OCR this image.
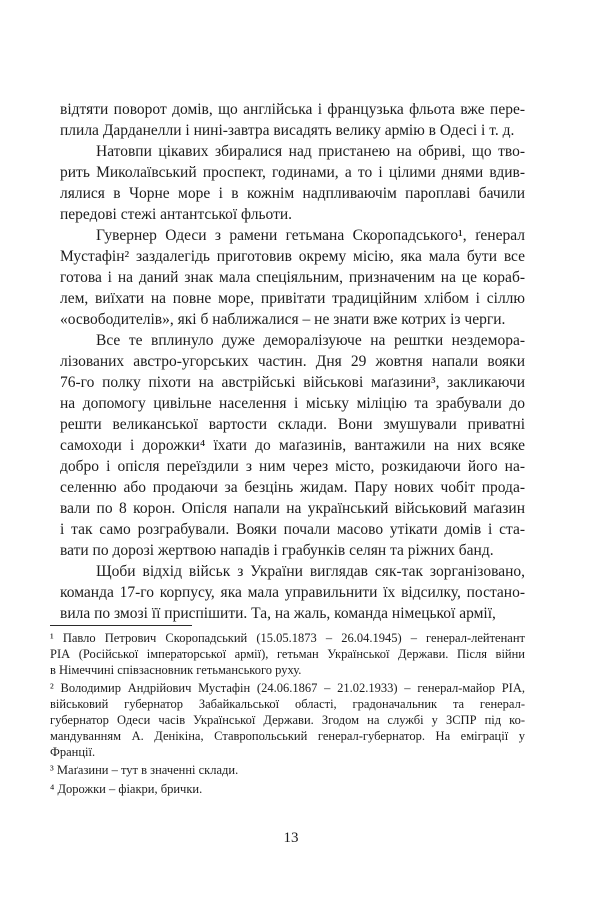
відтяти поворот домів, що англійська і французька фльота вже пере-
плила Дарданелли і нині-завтра висадять велику армію в Одесі і т. д.
Натовпи цікавих збиралися над пристанею на обриві, що тво-
рить Миколаївський проспект, годинами, а то і цілими днями вдив-
лялися в Чорне море і в кожнім надпливаючім пароплаві бачили
передові стежі антантської фльоти.
Гувернер Одеси з рамени гетьмана Скоропадського¹, ґенерал
Мустафін² заздалегідь приготовив окрему місію, яка мала бути все
готова і на даний знак мала спеціяльним, призначеним на це кораб-
лем, виїхати на повне море, привітати традиційним хлібом і сіллю
«освободителів», які б наближалися – не знати вже котрих із черги.
Все те вплинуло дуже деморалізуюче на рештки нездемора-
лізованих австро-угорських частин. Дня 29 жовтня напали вояки
76-го полку піхоти на австрійські військові маґазини³, закликаючи
на допомогу цивільне населення і міську міліцію та зрабували до
решти великанської вартости склади. Вони змушували приватні
самоходи і дорожки⁴ їхати до маґазинів, вантажили на них всяке
добро і опісля переїздили з ним через місто, розкидаючи його на-
селенню або продаючи за безцінь жидам. Пару нових чобіт прода-
вали по 8 корон. Опісля напали на український військовий маґазин
і так само розграбували. Вояки почали масово утікати домів і ста-
вати по дорозі жертвою нападів і грабунків селян та ріжних банд.
Щоби відхід військ з України виглядав сяк-так зорганізовано,
команда 17-го корпусу, яка мала управильнити їх відсилку, постано-
вила по змозі її приспішити. Та, на жаль, команда німецької армії,
¹ Павло Петрович Скоропадський (15.05.1873 – 26.04.1945) – генерал-лейтенант
РІА (Російської імператорської армії), гетьман Української Держави. Після війни
в Німеччині співзасновник гетьманського руху.
² Володимир Андрійович Мустафін (24.06.1867 – 21.02.1933) – генерал-майор РІА,
військовий губернатор Забайкальської області, градоначальник та генерал-
губернатор Одеси часів Української Держави. Згодом на службі у ЗСПР під ко-
мандуванням А. Денікіна, Ставропольський генерал-губернатор. На еміграції у
Франції.
³ Маґазини – тут в значенні склади.
⁴ Дорожки – фіакри, брички.
13
